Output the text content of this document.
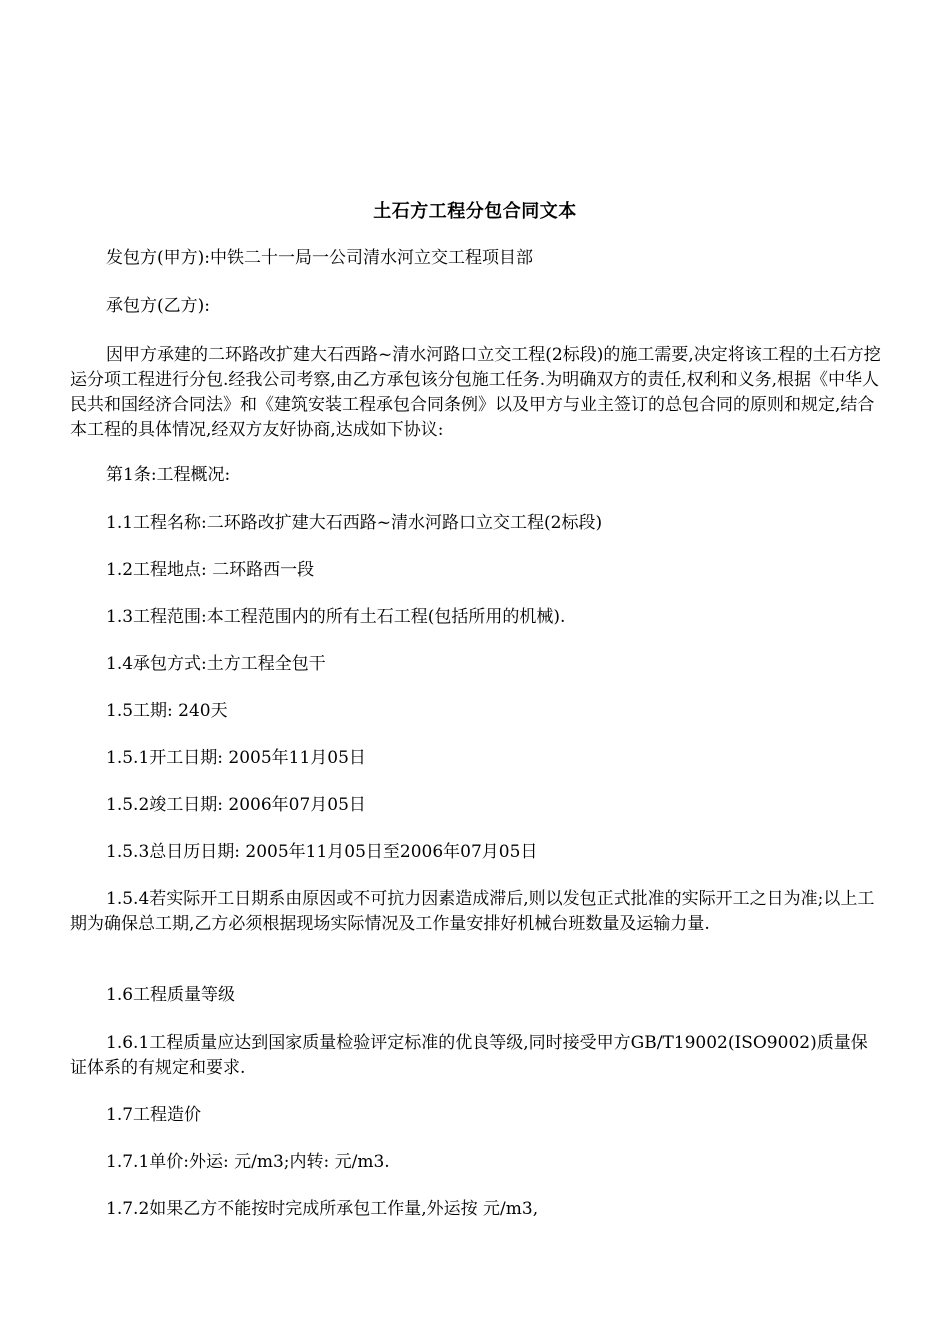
土石方工程分包合同文本
发包方(甲方):中铁二十一局一公司清水河立交工程项目部
承包方(乙方):
因甲方承建的二环路改扩建大石西路~清水河路口立交工程(2标段)的施工需要,决定将该工程的土石方挖运分项工程进行分包.经我公司考察,由乙方承包该分包施工任务.为明确双方的责任,权利和义务,根据《中华人民共和国经济合同法》和《建筑安装工程承包合同条例》以及甲方与业主签订的总包合同的原则和规定,结合本工程的具体情况,经双方友好协商,达成如下协议:
第1条:工程概况:
1.1工程名称:二环路改扩建大石西路~清水河路口立交工程(2标段)
1.2工程地点: 二环路西一段
1.3工程范围:本工程范围内的所有土石工程(包括所用的机械).
1.4承包方式:土方工程全包干
1.5工期: 240天
1.5.1开工日期: 2005年11月05日
1.5.2竣工日期: 2006年07月05日
1.5.3总日历日期: 2005年11月05日至2006年07月05日
1.5.4若实际开工日期系由原因或不可抗力因素造成滞后,则以发包正式批准的实际开工之日为准;以上工期为确保总工期,乙方必须根据现场实际情况及工作量安排好机械台班数量及运输力量.
1.6工程质量等级
1.6.1工程质量应达到国家质量检验评定标准的优良等级,同时接受甲方GB/T19002(ISO9002)质量保证体系的有规定和要求.
1.7工程造价
1.7.1单价:外运: 元/m3;内转: 元/m3.
1.7.2如果乙方不能按时完成所承包工作量,外运按 元/m3,
